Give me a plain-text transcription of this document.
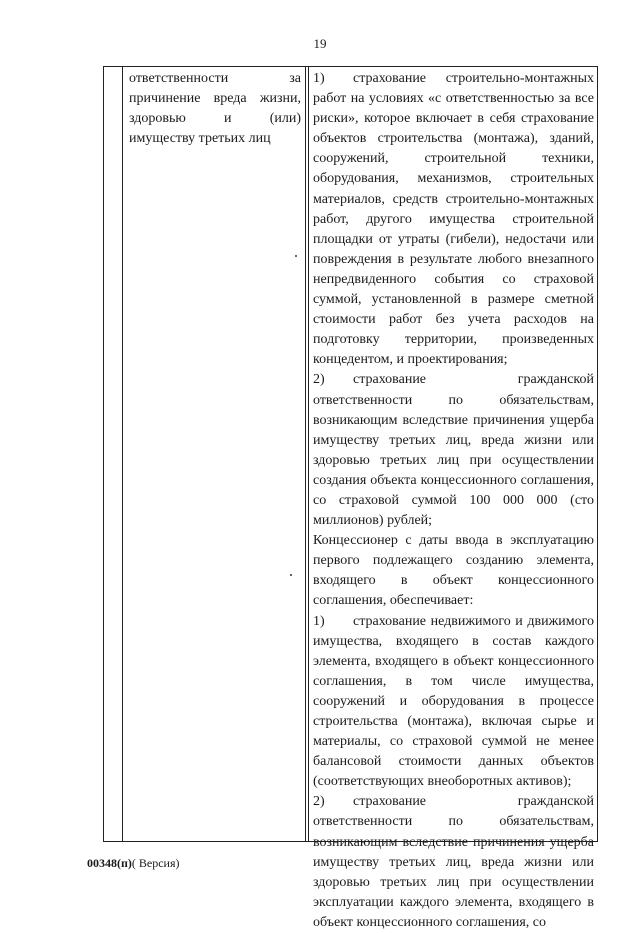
19

ответственности за причинение вреда жизни, здоровью и (или) имуществу третьих лиц

1) страхование строительно-монтажных работ на условиях «с ответственностью за все риски», которое включает в себя страхование объектов строительства (монтажа), зданий, сооружений, строительной техники, оборудования, механизмов, строительных материалов, средств строительно-монтажных работ, другого имущества строительной площадки от утраты (гибели), недостачи или повреждения в результате любого внезапного непредвиденного события со страховой суммой, установленной в размере сметной стоимости работ без учета расходов на подготовку территории, произведенных концедентом, и проектирования;

2) страхование гражданской ответственности по обязательствам, возникающим вследствие причинения ущерба имуществу третьих лиц, вреда жизни или здоровью третьих лиц при осуществлении создания объекта концессионного соглашения, со страховой суммой 100 000 000 (сто миллионов) рублей;

Концессионер с даты ввода в эксплуатацию первого подлежащего созданию элемента, входящего в объект концессионного соглашения, обеспечивает:

1) страхование недвижимого и движимого имущества, входящего в состав каждого элемента, входящего в объект концессионного соглашения, в том числе имущества, сооружений и оборудования в процессе строительства (монтажа), включая сырье и материалы, со страховой суммой не менее балансовой стоимости данных объектов (соответствующих внеоборотных активов);

2) страхование гражданской ответственности по обязательствам, возникающим вследствие причинения ущерба имуществу третьих лиц, вреда жизни или здоровью третьих лиц при осуществлении эксплуатации каждого элемента, входящего в объект концессионного соглашения, со

00348(п)( Версия)
